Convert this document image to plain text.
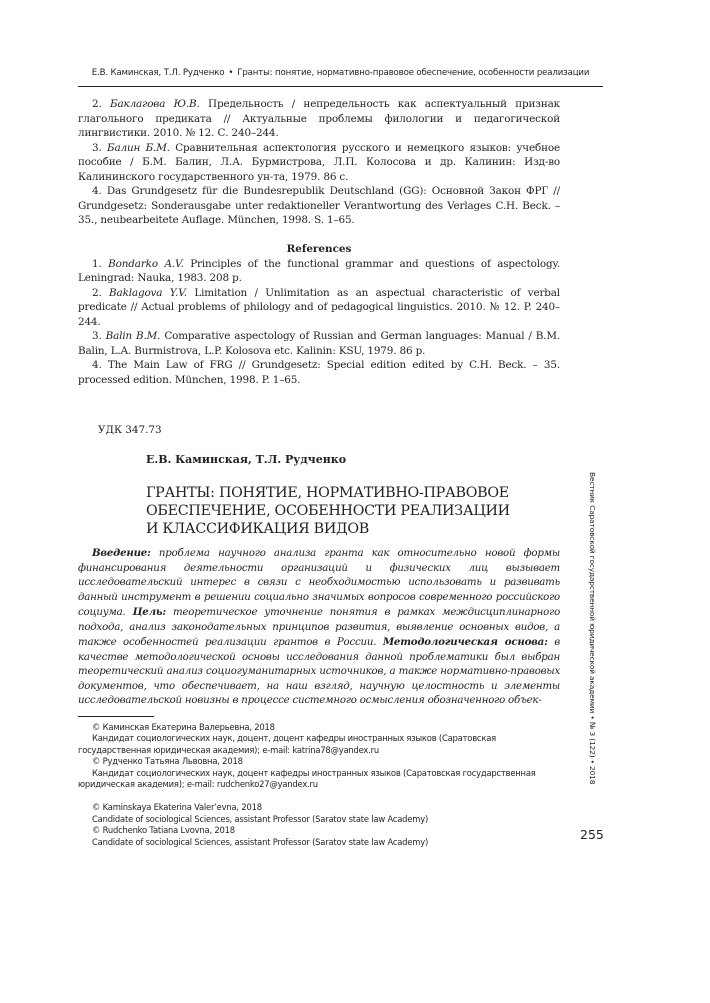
Е.В. Каминская, Т.Л. Рудченко • Гранты: понятие, нормативно-правовое обеспечение, особенности реализации

2. Баклагова Ю.В. Предельность / непредельность как аспектуальный признак глагольного предиката // Актуальные проблемы филологии и педагогической лингвистики. 2010. № 12. С. 240–244.

3. Балин Б.М. Сравнительная аспектология русского и немецкого языков: учебное пособие / Б.М. Балин, Л.А. Бурмистрова, Л.П. Колосова и др. Калинин: Изд-во Калининского государственного ун-та, 1979. 86 с.

4. Das Grundgesetz für die Bundesrepublik Deutschland (GG): Основной Закон ФРГ // Grundgesetz: Sonderausgabe unter redaktioneller Verantwortung des Verlages C.H. Beck. – 35., neubearbeitete Auflage. München, 1998. S. 1–65.

References

1. Bondarko A.V. Principles of the functional grammar and questions of aspectology. Leningrad: Nauka, 1983. 208 p.

2. Baklagova Y.V. Limitation / Unlimitation as an aspectual characteristic of verbal predicate // Actual problems of philology and of pedagogical linguistics. 2010. № 12. P. 240–244.

3. Balin B.M. Comparative aspectology of Russian and German languages: Manual / B.M. Balin, L.A. Burmistrova, L.P. Kolosova etc. Kalinin: KSU, 1979. 86 p.

4. The Main Law of FRG // Grundgesetz: Special edition edited by C.H. Beck. – 35. processed edition. München, 1998. P. 1–65.

УДК 347.73
Е.В. Каминская, Т.Л. Рудченко
ГРАНТЫ: ПОНЯТИЕ, НОРМАТИВНО-ПРАВОВОЕ
ОБЕСПЕЧЕНИЕ, ОСОБЕННОСТИ РЕАЛИЗАЦИИ
И КЛАССИФИКАЦИЯ ВИДОВ

Введение: проблема научного анализа гранта как относительно новой формы финансирования деятельности организаций и физических лиц вызывает исследовательский интерес в связи с необходимостью использовать и развивать данный инструмент в решении социально значимых вопросов современного российского социума. Цель: теоретическое уточнение понятия в рамках междисциплинарного подхода, анализ законодательных принципов развития, выявление основных видов, а также особенностей реализации грантов в России. Методологическая основа: в качестве методологической основы исследования данной проблематики был выбран теоретический анализ социогуманитарных источников, а также нормативно-правовых документов, что обеспечивает, на наш взгляд, научную целостность и элементы исследовательской новизны в процессе системного осмысления обозначенного объек-

© Каминская Екатерина Валерьевна, 2018

Кандидат социологических наук, доцент, доцент кафедры иностранных языков (Саратовская государственная юридическая академия); e-mail: katrina78@yandex.ru

© Рудченко Татьяна Львовна, 2018

Кандидат социологических наук, доцент кафедры иностранных языков (Саратовская государственная юридическая академия); e-mail: rudchenko27@yandex.ru

© Kaminskaya Ekaterina Valer’evna, 2018

Candidate of sociological Sciences, assistant Professor (Saratov state law Academy)

© Rudchenko Tatiana Lvovna, 2018

Candidate of sociological Sciences, assistant Professor (Saratov state law Academy)	255
Вестник Саратовской государственной юридической академии • № 3 (122) • 2018
